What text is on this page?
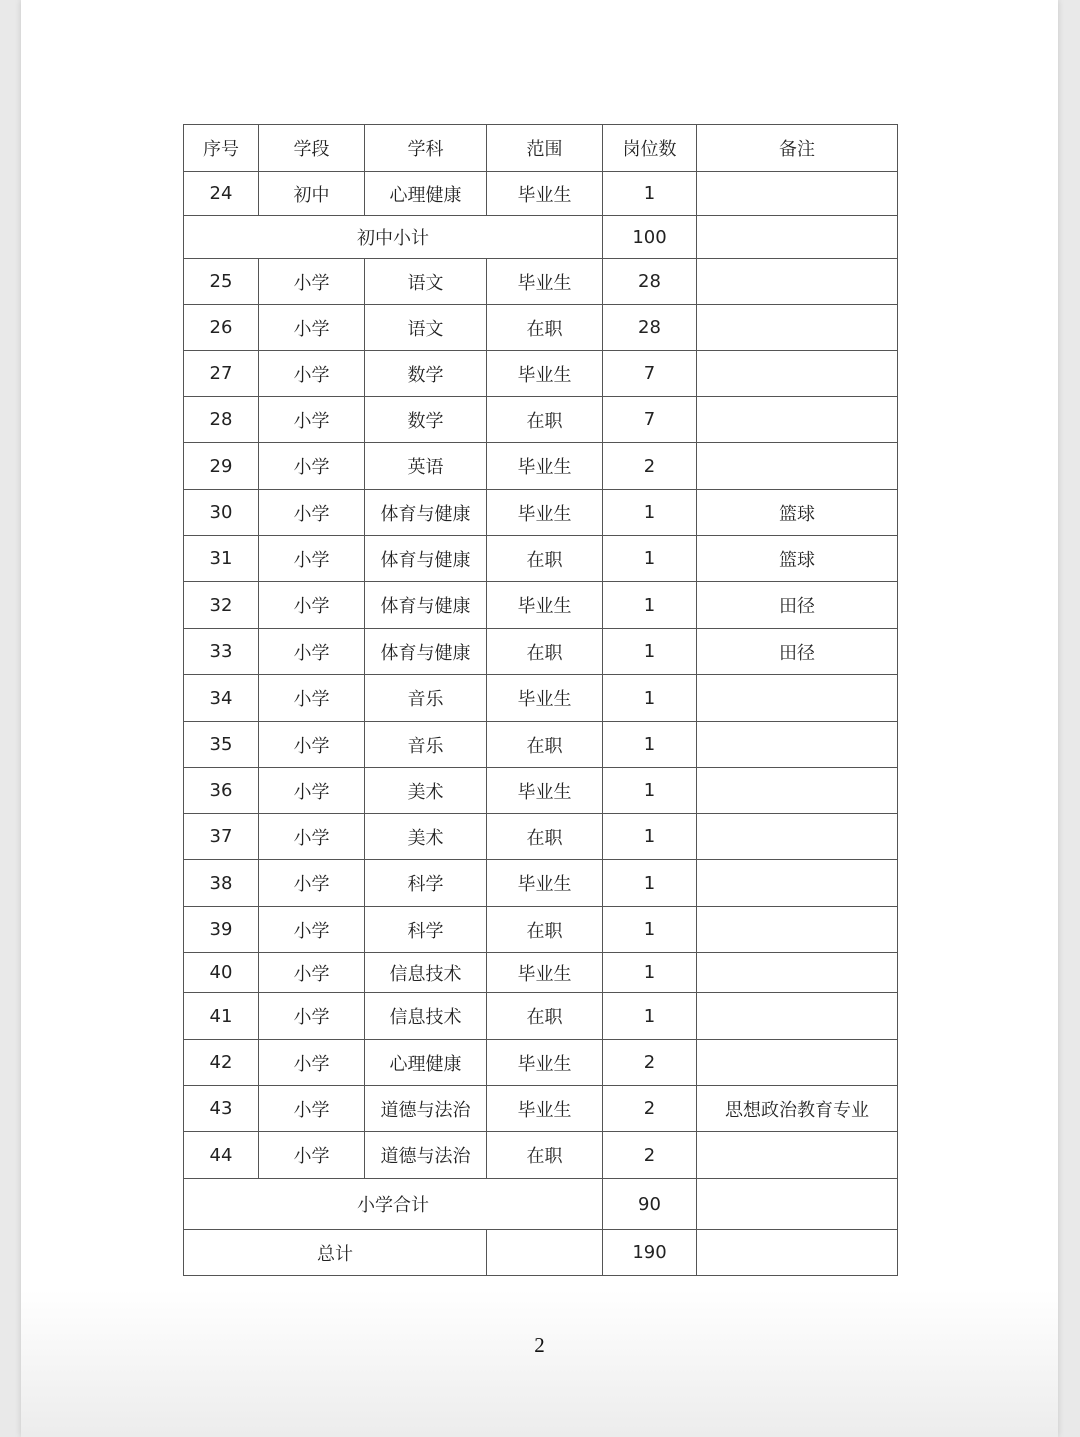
序号	学段	学科	范围	岗位数	备注
24	初中	心理健康	毕业生	1	
初中小计				100	
25	小学	语文	毕业生	28	
26	小学	语文	在职	28	
27	小学	数学	毕业生	7	
28	小学	数学	在职	7	
29	小学	英语	毕业生	2	
30	小学	体育与健康	毕业生	1	篮球
31	小学	体育与健康	在职	1	篮球
32	小学	体育与健康	毕业生	1	田径
33	小学	体育与健康	在职	1	田径
34	小学	音乐	毕业生	1	
35	小学	音乐	在职	1	
36	小学	美术	毕业生	1	
37	小学	美术	在职	1	
38	小学	科学	毕业生	1	
39	小学	科学	在职	1	
40	小学	信息技术	毕业生	1	
41	小学	信息技术	在职	1	
42	小学	心理健康	毕业生	2	
43	小学	道德与法治	毕业生	2	思想政治教育专业
44	小学	道德与法治	在职	2	
小学合计				90	
总计				190	
2
